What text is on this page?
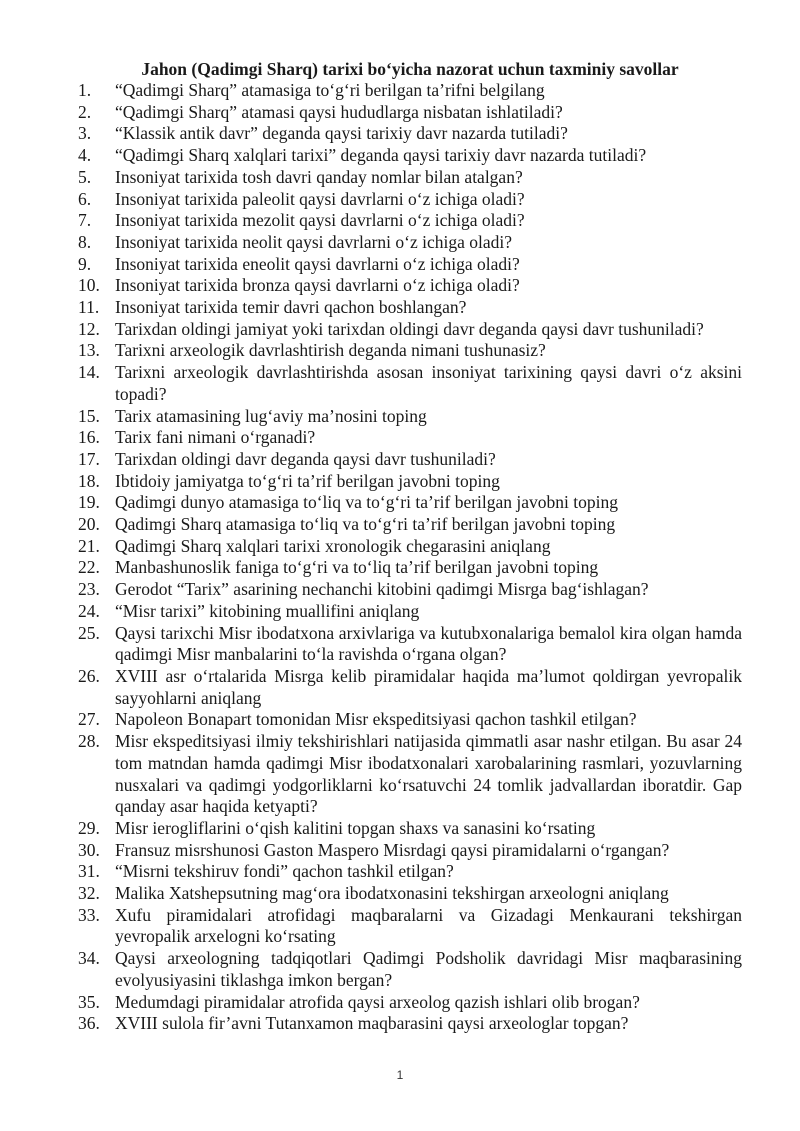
Jahon (Qadimgi Sharq) tarixi bo‘yicha nazorat uchun taxminiy savollar
1.	“Qadimgi Sharq” atamasiga to‘g‘ri berilgan ta’rifni belgilang
2.	“Qadimgi Sharq” atamasi qaysi hududlarga nisbatan ishlatiladi?
3.	“Klassik antik davr” deganda qaysi tarixiy davr nazarda tutiladi?
4.	“Qadimgi Sharq xalqlari tarixi” deganda qaysi tarixiy davr nazarda tutiladi?
5.	Insoniyat tarixida tosh davri qanday nomlar bilan atalgan?
6.	Insoniyat tarixida paleolit qaysi davrlarni o‘z ichiga oladi?
7.	Insoniyat tarixida mezolit qaysi davrlarni o‘z ichiga oladi?
8.	Insoniyat tarixida neolit qaysi davrlarni o‘z ichiga oladi?
9.	Insoniyat tarixida eneolit qaysi davrlarni o‘z ichiga oladi?
10. Insoniyat tarixida bronza qaysi davrlarni o‘z ichiga oladi?
11. Insoniyat tarixida temir davri qachon boshlangan?
12. Tarixdan oldingi jamiyat yoki tarixdan oldingi davr deganda qaysi davr tushuniladi?
13. Tarixni arxeologik davrlashtirish deganda nimani tushunasiz?
14. Tarixni arxeologik davrlashtirishda asosan insoniyat tarixining qaysi davri o‘z aksini topadi?
15. Tarix atamasining lug‘aviy ma’nosini toping
16. Tarix fani nimani o‘rganadi?
17. Tarixdan oldingi davr deganda qaysi davr tushuniladi?
18. Ibtidoiy jamiyatga to‘g‘ri ta’rif berilgan javobni toping
19. Qadimgi dunyo atamasiga to‘liq va to‘g‘ri ta’rif berilgan javobni toping
20. Qadimgi Sharq atamasiga to‘liq va to‘g‘ri ta’rif berilgan javobni toping
21. Qadimgi Sharq xalqlari tarixi xronologik chegarasini aniqlang
22. Manbashunoslik faniga to‘g‘ri va to‘liq ta’rif berilgan javobni toping
23. Gerodot “Tarix” asarining nechanchi kitobini qadimgi Misrga bag‘ishlagan?
24. “Misr tarixi” kitobining muallifini aniqlang
25. Qaysi tarixchi Misr ibodatxona arxivlariga va kutubxonalariga bemalol kira olgan hamda qadimgi Misr manbalarini to‘la ravishda o‘rgana olgan?
26. XVIII asr o‘rtalarida Misrga kelib piramidalar haqida ma’lumot qoldirgan yevropalik sayyohlarni aniqlang
27. Napoleon Bonapart tomonidan Misr ekspeditsiyasi qachon tashkil etilgan?
28. Misr ekspeditsiyasi ilmiy tekshirishlari natijasida qimmatli asar nashr etilgan. Bu asar 24 tom matndan hamda qadimgi Misr ibodatxonalari xarobalarining rasmlari, yozuvlarning nusxalari va qadimgi yodgorliklarni ko‘rsatuvchi 24 tomlik jadvallardan iboratdir. Gap qanday asar haqida ketyapti?
29. Misr ierogliflarini o‘qish kalitini topgan shaxs va sanasini ko‘rsating
30. Fransuz misrshunosi Gaston Maspero Misrdagi qaysi piramidalarni o‘rgangan?
31. “Misrni tekshiruv fondi” qachon tashkil etilgan?
32. Malika Xatshepsutning mag‘ora ibodatxonasini tekshirgan arxeologni aniqlang
33. Xufu piramidalari atrofidagi maqbaralarni va Gizadagi Menkaurani tekshirgan yevropalik arxelogni ko‘rsating
34. Qaysi arxeologning tadqiqotlari Qadimgi Podsholik davridagi Misr maqbarasining evolyusiyasini tiklashga imkon bergan?
35. Medumdagi piramidalar atrofida qaysi arxeolog qazish ishlari olib brogan?
36. XVIII sulola fir’avni Tutanxamon maqbarasini qaysi arxeologlar topgan?
1
